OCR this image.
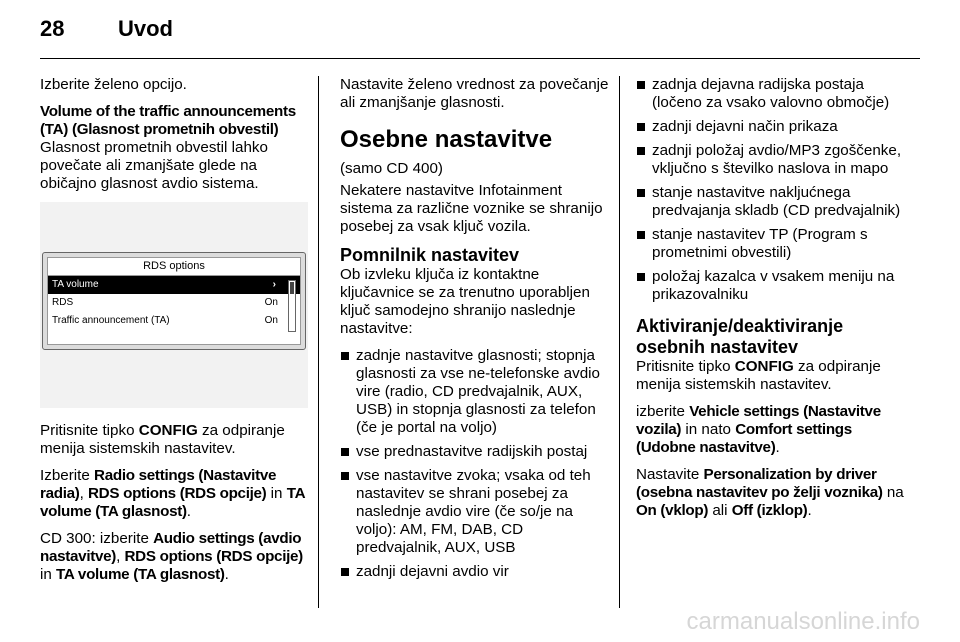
28 Uvod

Izberite želeno opcijo.

Volume of the traffic announcements (TA) (Glasnost prometnih obvestil)

Glasnost prometnih obvestil lahko povečate ali zmanjšate glede na običajno glasnost avdio sistema.

RDS options
TA volume	›
RDS	On
Traffic announcement (TA)	On

Pritisnite tipko CONFIG za odpiranje menija sistemskih nastavitev.

Izberite Radio settings (Nastavitve radia), RDS options (RDS opcije) in TA volume (TA glasnost).

CD 300: izberite Audio settings (avdio nastavitve), RDS options (RDS opcije) in TA volume (TA glasnost).

Nastavite želeno vrednost za povečanje ali zmanjšanje glasnosti.

Osebne nastavitve

(samo CD 400)

Nekatere nastavitve Infotainment sistema za različne voznike se shranijo posebej za vsak ključ vozila.

Pomnilnik nastavitev

Ob izvleku ključa iz kontaktne ključavnice se za trenutno uporabljen ključ samodejno shranijo naslednje nastavitve:

zadnje nastavitve glasnosti; stopnja glasnosti za vse ne-telefonske avdio vire (radio, CD predvajalnik, AUX, USB) in stopnja glasnosti za telefon (če je portal na voljo)
vse prednastavitve radijskih postaj
vse nastavitve zvoka; vsaka od teh nastavitev se shrani posebej za naslednje avdio vire (če so/je na voljo): AM, FM, DAB, CD predvajalnik, AUX, USB
zadnji dejavni avdio vir
zadnja dejavna radijska postaja (ločeno za vsako valovno območje)
zadnji dejavni način prikaza
zadnji položaj avdio/MP3 zgoščenke, vključno s številko naslova in mapo
stanje nastavitve nakljućnega predvajanja skladb (CD predvajalnik)
stanje nastavitev TP (Program s prometnimi obvestili)
položaj kazalca v vsakem meniju na prikazovalniku
Aktiviranje/deaktiviranje osebnih nastavitev

Pritisnite tipko CONFIG za odpiranje menija sistemskih nastavitev.

izberite Vehicle settings (Nastavitve vozila) in nato Comfort settings (Udobne nastavitve).

Nastavite Personalization by driver (osebna nastavitev po želji voznika) na On (vklop) ali Off (izklop).

carmanualsonline.info
